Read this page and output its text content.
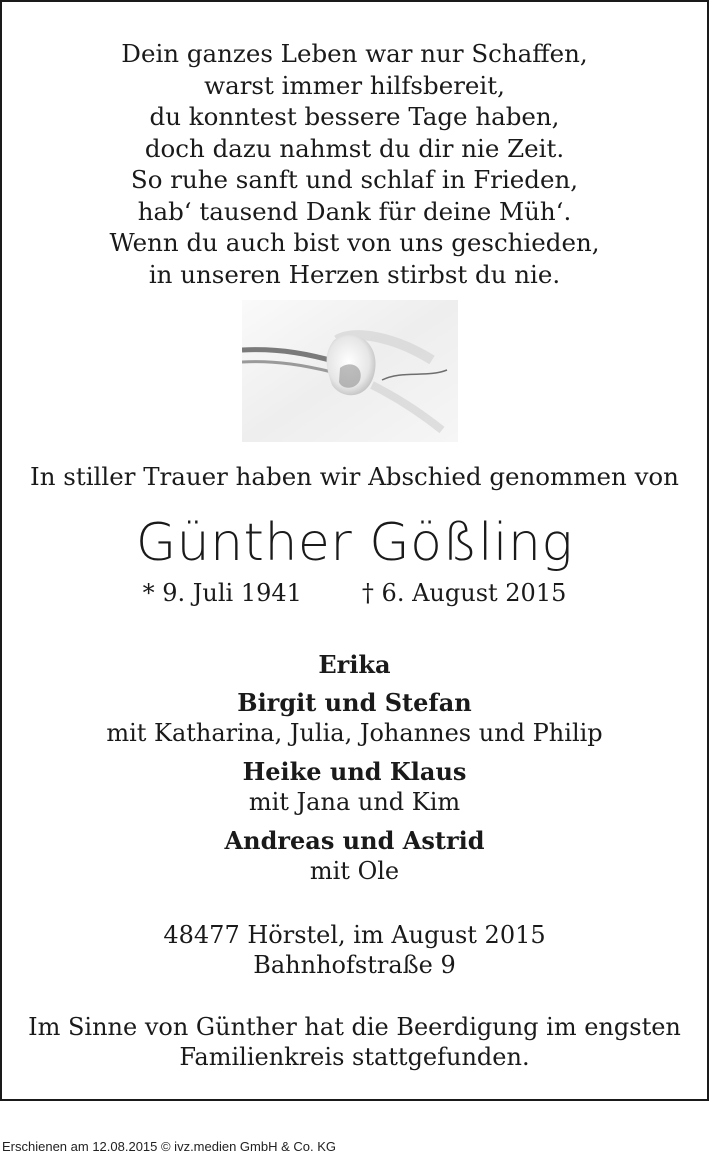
Dein ganzes Leben war nur Schaffen,
warst immer hilfsbereit,
du konntest bessere Tage haben,
doch dazu nahmst du dir nie Zeit.
So ruhe sanft und schlaf in Frieden,
hab‘ tausend Dank für deine Müh‘.
Wenn du auch bist von uns geschieden,
in unseren Herzen stirbst du nie.
In stiller Trauer haben wir Abschied genommen von
Günther Gößling
* 9. Juli 1941	† 6. August 2015
Erika
Birgit und Stefan
mit Katharina, Julia, Johannes und Philip
Heike und Klaus
mit Jana und Kim
Andreas und Astrid
mit Ole
48477 Hörstel, im August 2015
Bahnhofstraße 9
Im Sinne von Günther hat die Beerdigung im engsten
Familienkreis stattgefunden.
Erschienen am 12.08.2015 © ivz.medien GmbH & Co. KG
